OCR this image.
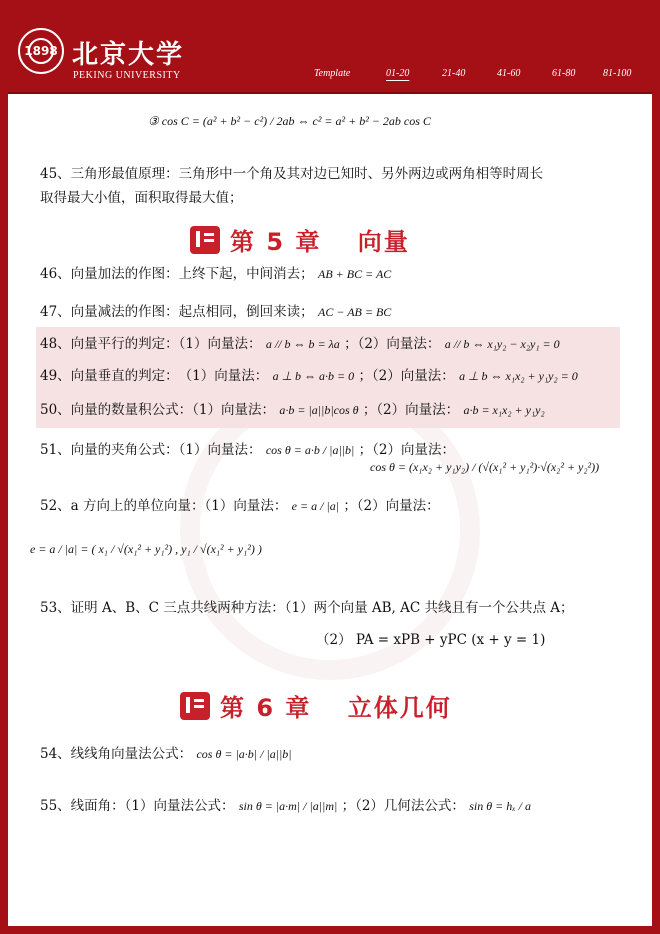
1898 北京大学
PEKING UNIVERSITY	Template	01-20	21-40	41-60	61-80	81-100
③ cos C = (a² + b² − c²) / 2ab ⇔ c² = a² + b² − 2ab cos C
45、三角形最值原理：三角形中一个角及其对边已知时、另外两边或两角相等时周长
取得最大小值，面积取得最大值；
第 5 章　 向量
46、向量加法的作图：上终下起，中间消去； AB + BC = AC
47、向量减法的作图：起点相同，倒回来读； AC − AB = BC
48、向量平行的判定：（1）向量法： a // b ⇔ b = λa ；（2）向量法： a // b ⇔ x₁y₂ − x₂y₁ = 0
49、向量垂直的判定：　（1）向量法： a ⊥ b ⇔ a·b = 0 ；（2）向量法： a ⊥ b ⇔ x₁x₂ + y₁y₂ = 0
50、向量的数量积公式：（1）向量法： a·b = |a||b|cos θ ；（2）向量法： a·b = x₁x₂ + y₁y₂
51、向量的夹角公式：（1）向量法： cos θ = a·b / |a||b| ；（2）向量法：
cos θ = (x₁x₂ + y₁y₂) / (√(x₁² + y₁²)·√(x₂² + y₂²))
52、a 方向上的单位向量：（1）向量法： e = a / |a| ；（2）向量法：
e = a / |a| = ( x₁ / √(x₁² + y₁²) , y₁ / √(x₁² + y₁²) )
53、证明 A、B、C 三点共线两种方法：（1）两个向量 AB, AC 共线且有一个公共点 A；
（2） PA = xPB + yPC (x + y = 1)
第 6 章　 立体几何
54、线线角向量法公式： cos θ = |a·b| / |a||b|
55、线面角：（1）向量法公式： sin θ = |a·m| / |a||m| ；（2）几何法公式： sin θ = hₓ / a
